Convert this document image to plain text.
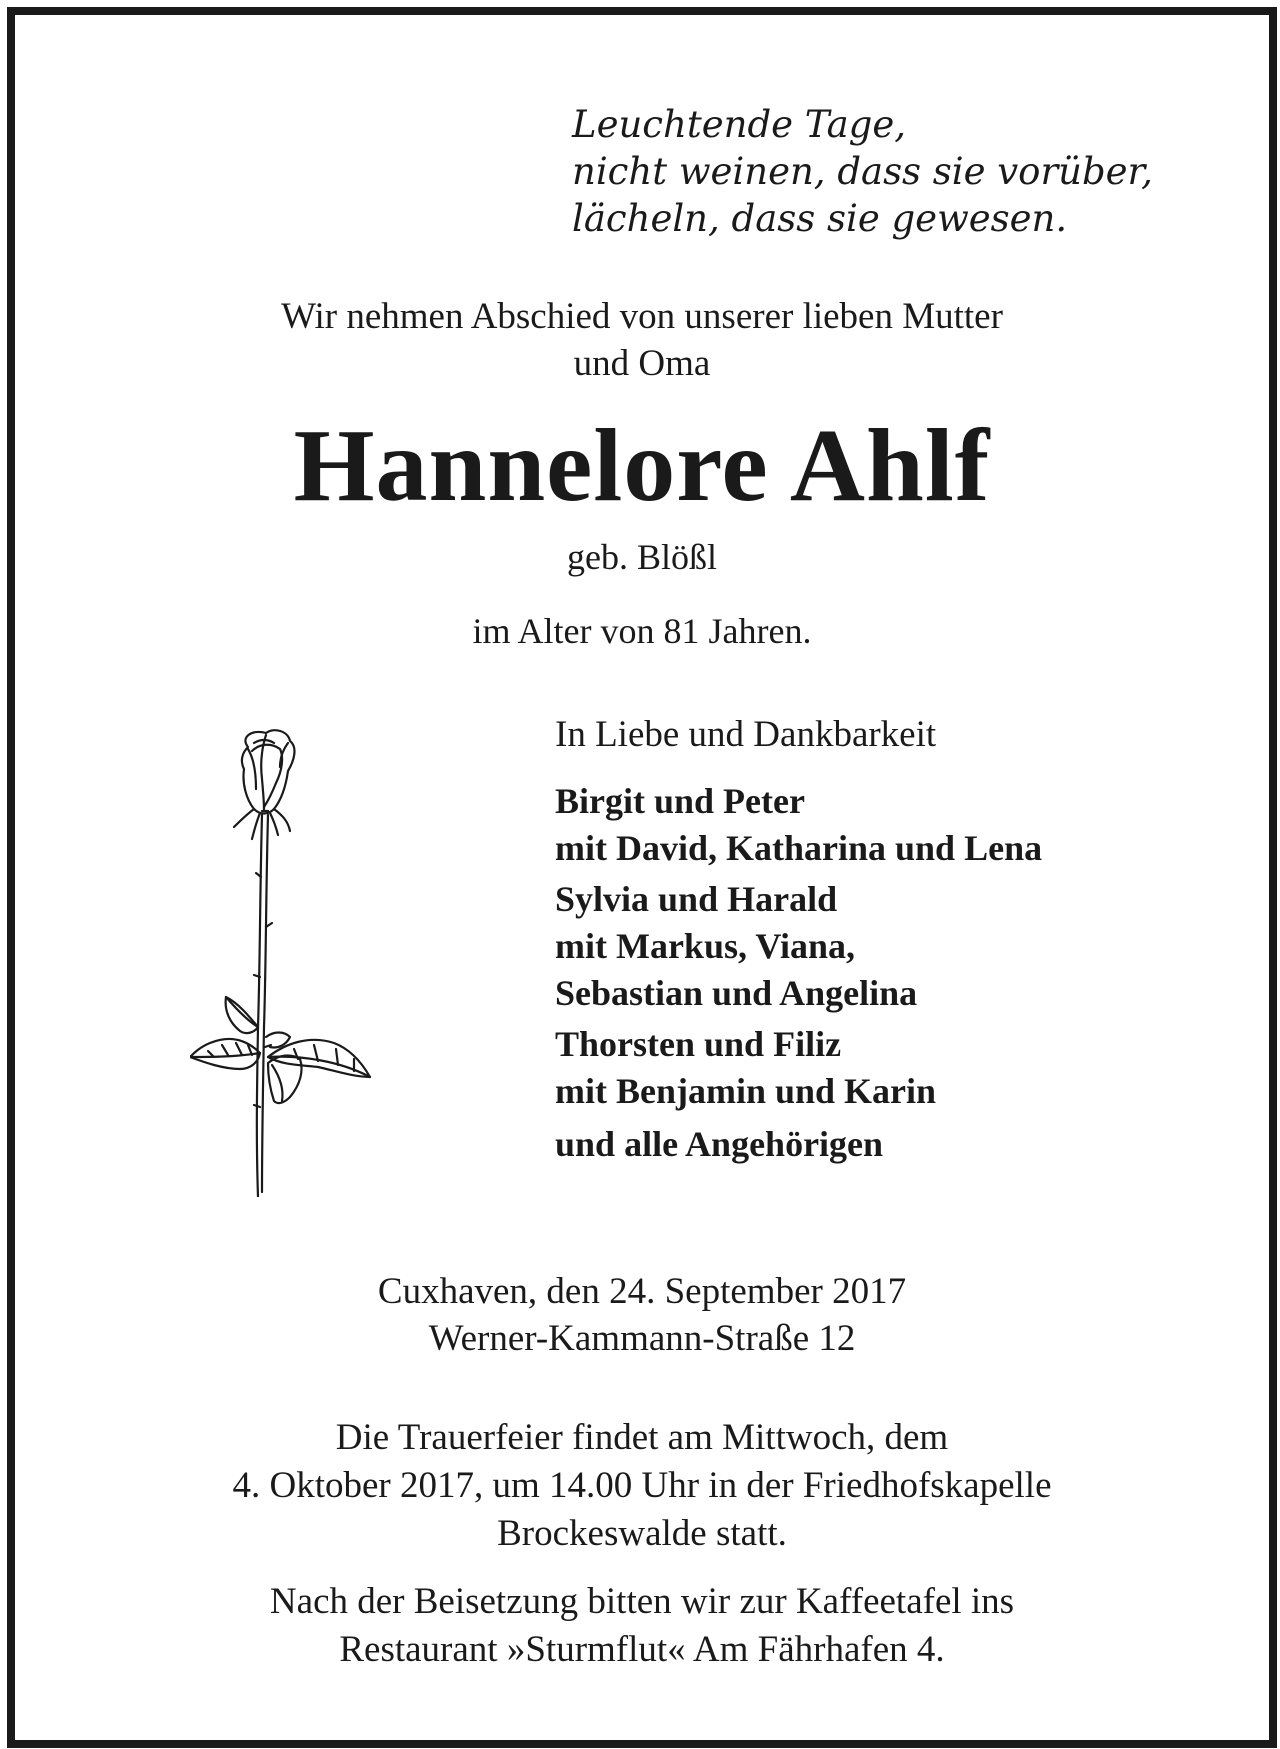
Leuchtende Tage,
nicht weinen, dass sie vorüber,
lächeln, dass sie gewesen.
Wir nehmen Abschied von unserer lieben Mutter
und Oma
Hannelore Ahlf
geb. Blößl
im Alter von 81 Jahren.
In Liebe und Dankbarkeit
Birgit und Peter
mit David, Katharina und Lena
Sylvia und Harald
mit Markus, Viana,
Sebastian und Angelina
Thorsten und Filiz
mit Benjamin und Karin
und alle Angehörigen
Cuxhaven, den 24. September 2017
Werner-Kammann-Straße 12
Die Trauerfeier findet am Mittwoch, dem
4. Oktober 2017, um 14.00 Uhr in der Friedhofskapelle
Brockeswalde statt.
Nach der Beisetzung bitten wir zur Kaffeetafel ins
Restaurant »Sturmflut« Am Fährhafen 4.
